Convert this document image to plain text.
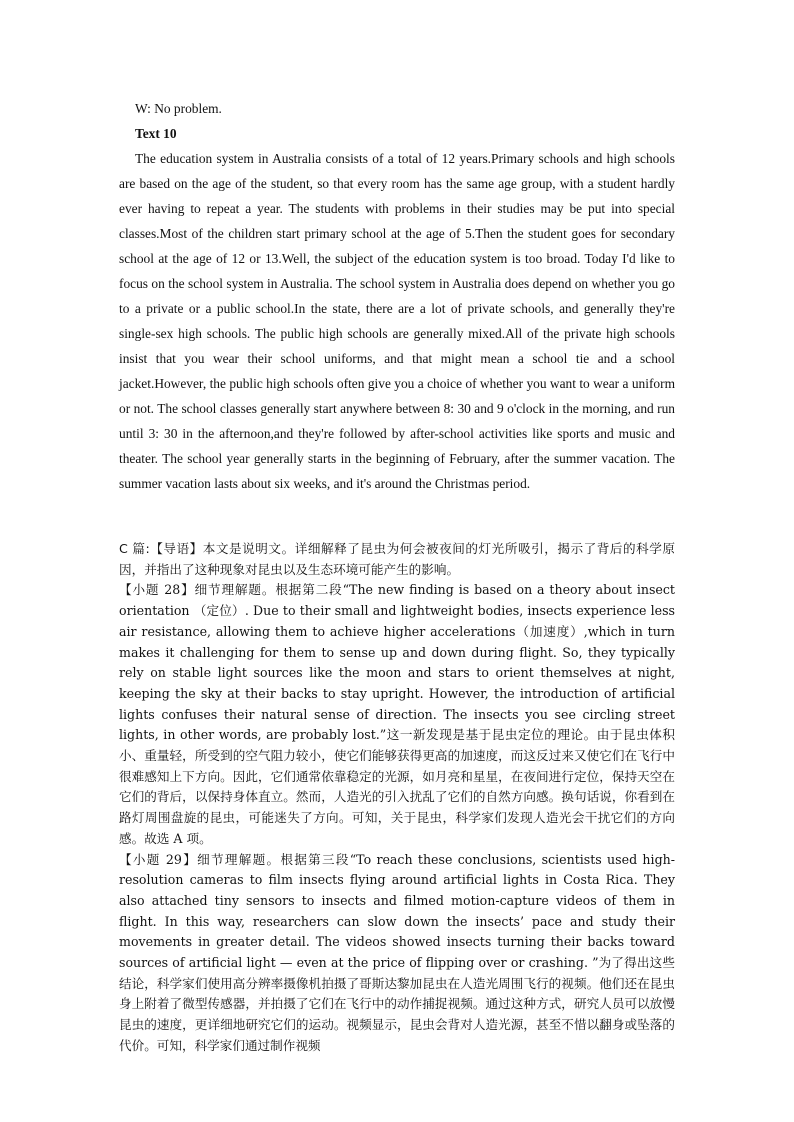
W: No problem.

Text 10

The education system in Australia consists of a total of 12 years.Primary schools and high schools are based on the age of the student, so that every room has the same age group, with a student hardly ever having to repeat a year. The students with problems in their studies may be put into special classes.Most of the children start primary school at the age of 5.Then the student goes for secondary school at the age of 12 or 13.Well, the subject of the education system is too broad. Today I'd like to focus on the school system in Australia. The school system in Australia does depend on whether you go to a private or a public school.In the state, there are a lot of private schools, and generally they're single-sex high schools. The public high schools are generally mixed.All of the private high schools insist that you wear their school uniforms, and that might mean a school tie and a school jacket.However, the public high schools often give you a choice of whether you want to wear a uniform or not. The school classes generally start anywhere between 8: 30 and 9 o'clock in the morning, and run until 3: 30 in the afternoon,and they're followed by after-school activities like sports and music and theater. The school year generally starts in the beginning of February, after the summer vacation. The summer vacation lasts about six weeks, and it's around the Christmas period.

C 篇:【导语】本文是说明文。详细解释了昆虫为何会被夜间的灯光所吸引，揭示了背后的科学原因，并指出了这种现象对昆虫以及生态环境可能产生的影响。

【小题 28】细节理解题。根据第二段“The new finding is based on a theory about insect orientation （定位）. Due to their small and lightweight bodies, insects experience less air resistance, allowing them to achieve higher accelerations（加速度）,which in turn makes it challenging for them to sense up and down during flight. So, they typically rely on stable light sources like the moon and stars to orient themselves at night, keeping the sky at their backs to stay upright. However, the introduction of artificial lights confuses their natural sense of direction. The insects you see circling street lights, in other words, are probably lost.”这一新发现是基于昆虫定位的理论。由于昆虫体积小、重量轻，所受到的空气阻力较小，使它们能够获得更高的加速度，而这反过来又使它们在飞行中很难感知上下方向。因此，它们通常依靠稳定的光源，如月亮和星星，在夜间进行定位，保持天空在它们的背后，以保持身体直立。然而，人造光的引入扰乱了它们的自然方向感。换句话说，你看到在路灯周围盘旋的昆虫，可能迷失了方向。可知，关于昆虫，科学家们发现人造光会干扰它们的方向感。故选 A 项。

【小题 29】细节理解题。根据第三段“To reach these conclusions, scientists used high-resolution cameras to film insects flying around artificial lights in Costa Rica. They also attached tiny sensors to insects and filmed motion-capture videos of them in flight. In this way, researchers can slow down the insects’ pace and study their movements in greater detail. The videos showed insects turning their backs toward sources of artificial light — even at the price of flipping over or crashing. ”为了得出这些结论，科学家们使用高分辨率摄像机拍摄了哥斯达黎加昆虫在人造光周围飞行的视频。他们还在昆虫身上附着了微型传感器，并拍摄了它们在飞行中的动作捕捉视频。通过这种方式，研究人员可以放慢昆虫的速度，更详细地研究它们的运动。视频显示，昆虫会背对人造光源，甚至不惜以翻身或坠落的代价。可知，科学家们通过制作视频
